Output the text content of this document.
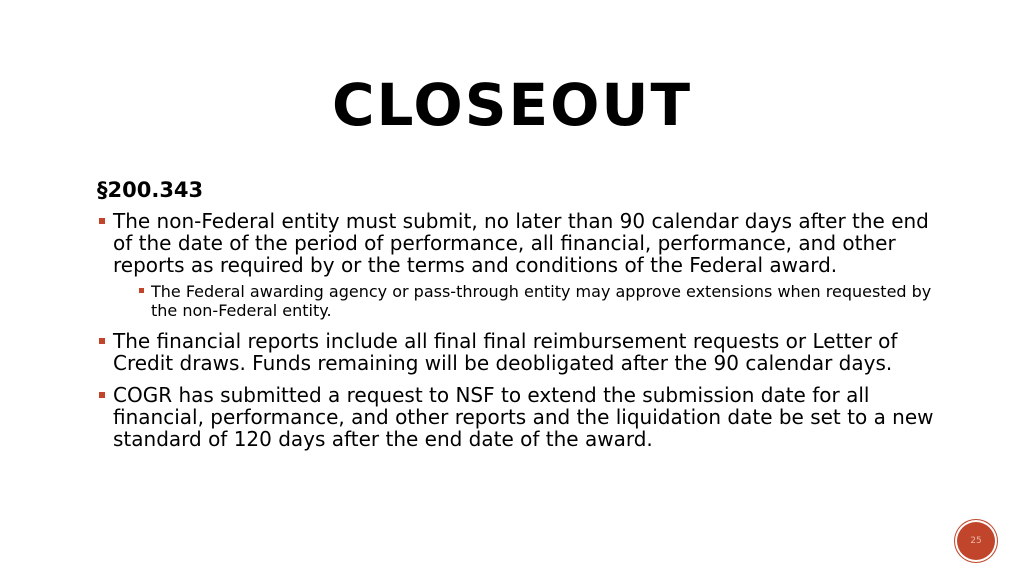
CLOSEOUT
§200.343
The non-Federal entity must submit, no later than 90 calendar days after the end of the date of the period of performance, all financial, performance, and other reports as required by or the terms and conditions of the Federal award.
The Federal awarding agency or pass-through entity may approve extensions when requested by the non-Federal entity.
The financial reports include all final final reimbursement requests or Letter of Credit draws. Funds remaining will be deobligated after the 90 calendar days.
COGR has submitted a request to NSF to extend the submission date for all financial, performance, and other reports and the liquidation date be set to a new standard of 120 days after the end date of the award.
25
